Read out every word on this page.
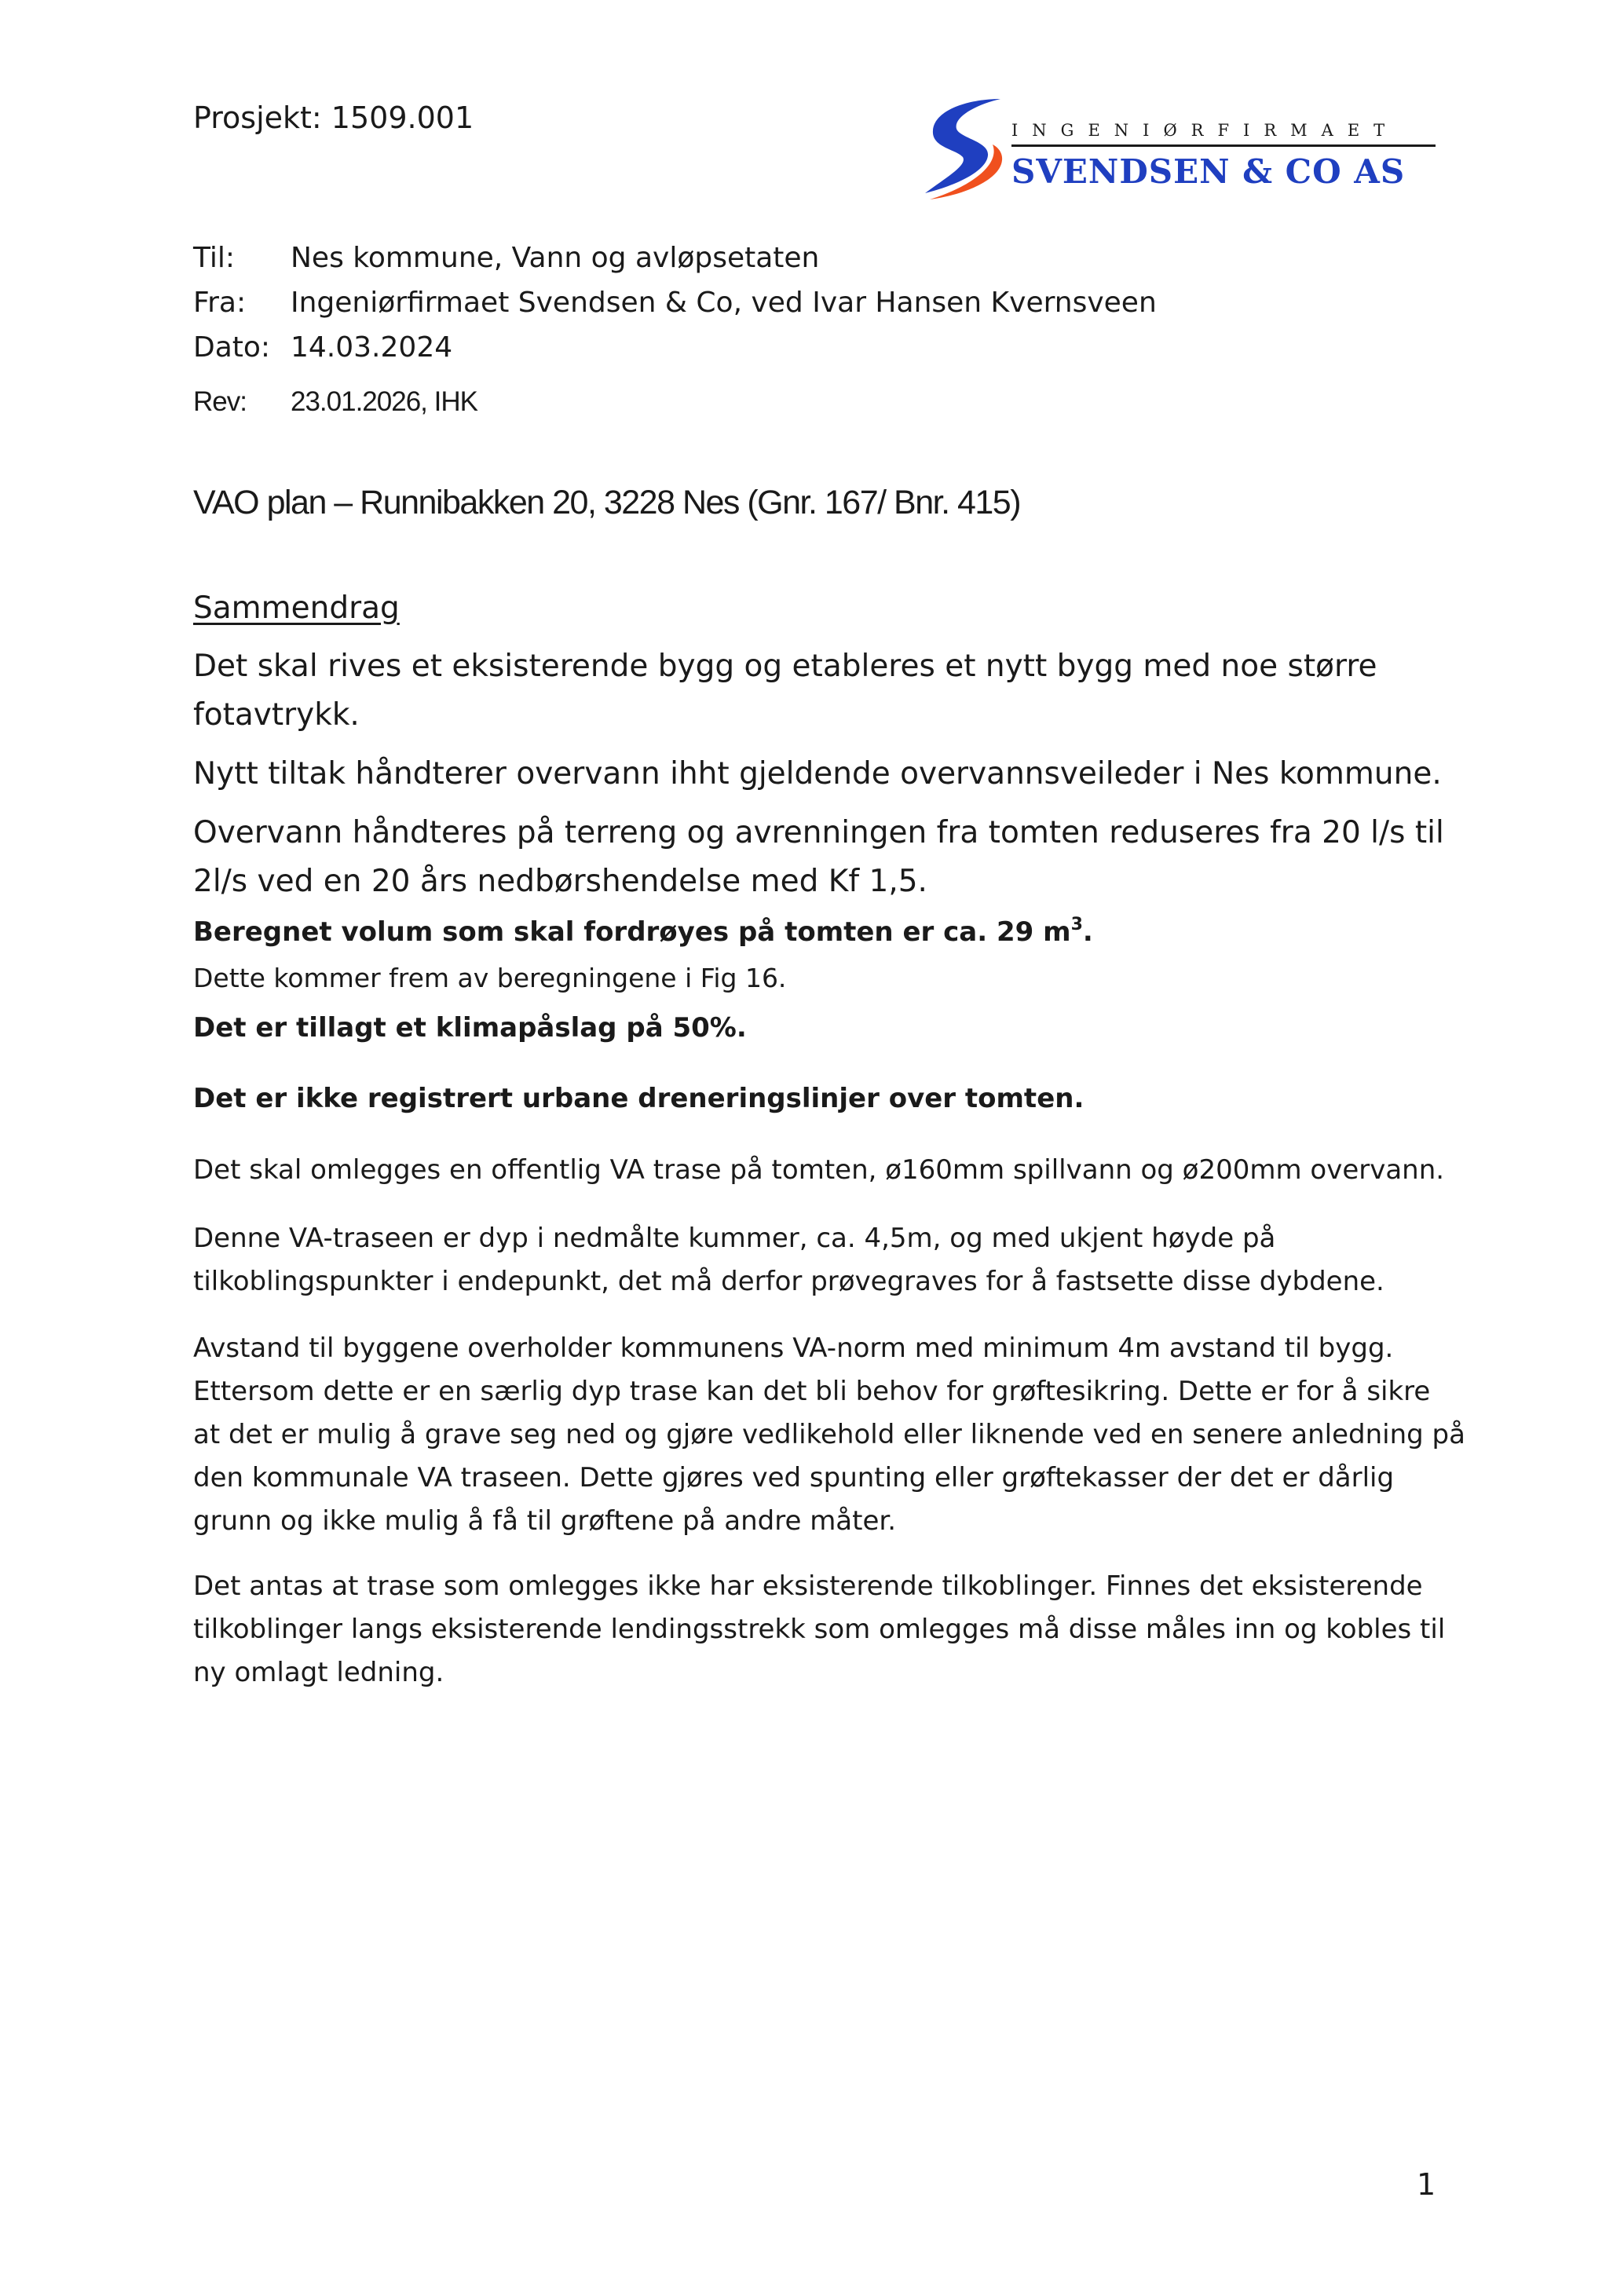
Prosjekt: 1509.001	INGENIØRFIRMAET
SVENDSEN & CO AS
Til: Nes kommune, Vann og avløpsetaten
Fra: Ingeniørfirmaet Svendsen & Co, ved Ivar Hansen Kvernsveen
Dato: 14.03.2024
Rev: 23.01.2026, IHK
VAO plan – Runnibakken 20, 3228 Nes (Gnr. 167/ Bnr. 415)
Sammendrag

Det skal rives et eksisterende bygg og etableres et nytt bygg med noe større fotavtrykk.

Nytt tiltak håndterer overvann ihht gjeldende overvannsveileder i Nes kommune.

Overvann håndteres på terreng og avrenningen fra tomten reduseres fra 20 l/s til 2l/s ved en 20 års nedbørshendelse med Kf 1,5.

Beregnet volum som skal fordrøyes på tomten er ca. 29 $m^3$.

Dette kommer frem av beregningene i Fig 16.

Det er tillagt et klimapåslag på 50%.

Det er ikke registrert urbane dreneringslinjer over tomten.

Det skal omlegges en offentlig VA trase på tomten, ø160mm spillvann og ø200mm overvann.

Denne VA-traseen er dyp i nedmålte kummer, ca. 4,5m, og med ukjent høyde på tilkoblingspunkter i endepunkt, det må derfor prøvegraves for å fastsette disse dybdene.

Avstand til byggene overholder kommunens VA-norm med minimum 4m avstand til bygg. Ettersom dette er en særlig dyp trase kan det bli behov for grøftesikring. Dette er for å sikre at det er mulig å grave seg ned og gjøre vedlikehold eller liknende ved en senere anledning på den kommunale VA traseen. Dette gjøres ved spunting eller grøftekasser der det er dårlig grunn og ikke mulig å få til grøftene på andre måter.

Det antas at trase som omlegges ikke har eksisterende tilkoblinger. Finnes det eksisterende tilkoblinger langs eksisterende lendingsstrekk som omlegges må disse måles inn og kobles til ny omlagt ledning.

1
